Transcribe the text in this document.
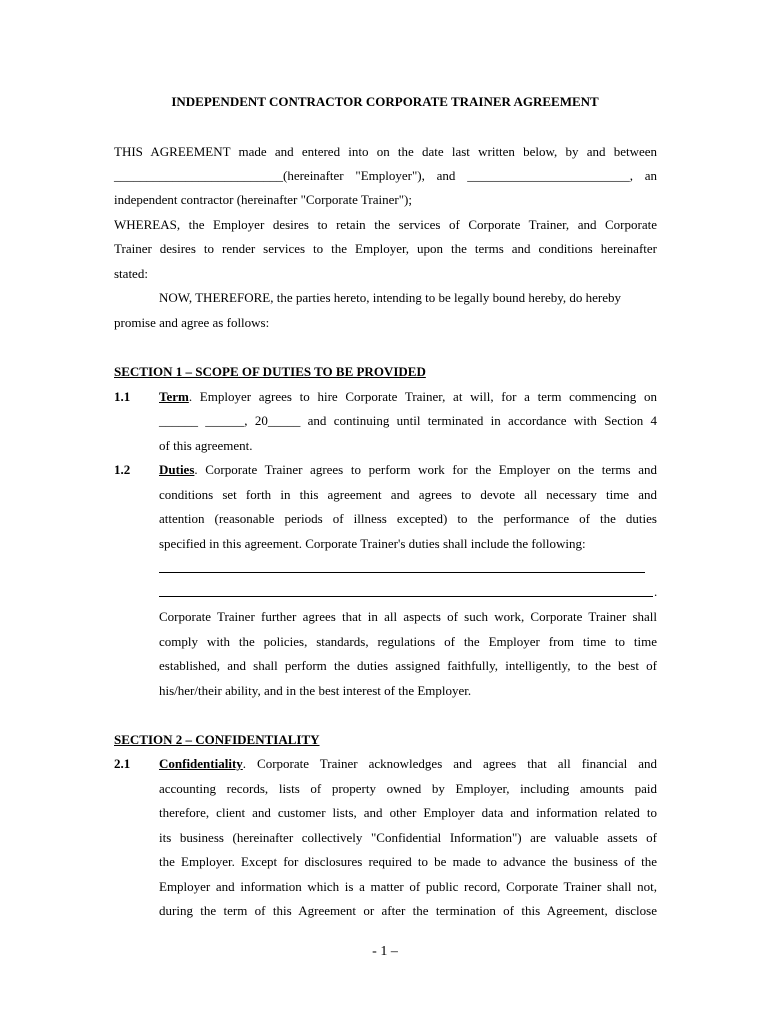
INDEPENDENT CONTRACTOR CORPORATE TRAINER AGREEMENT
THIS AGREEMENT made and entered into on the date last written below, by and between
__________________________(hereinafter "Employer"), and _________________________, an
independent contractor (hereinafter "Corporate Trainer");
WHEREAS, the Employer desires to retain the services of Corporate Trainer, and Corporate
Trainer desires to render services to the Employer, upon the terms and conditions hereinafter
stated:
NOW, THEREFORE, the parties hereto, intending to be legally bound hereby, do hereby
promise and agree as follows:
SECTION 1 – SCOPE OF DUTIES TO BE PROVIDED
1.1 Term. Employer agrees to hire Corporate Trainer, at will, for a term commencing on
______ ______, 20_____ and continuing until terminated in accordance with Section 4
of this agreement.
1.2 Duties. Corporate Trainer agrees to perform work for the Employer on the terms and
conditions set forth in this agreement and agrees to devote all necessary time and
attention (reasonable periods of illness excepted) to the performance of the duties
specified in this agreement. Corporate Trainer's duties shall include the following:
.
Corporate Trainer further agrees that in all aspects of such work, Corporate Trainer shall
comply with the policies, standards, regulations of the Employer from time to time
established, and shall perform the duties assigned faithfully, intelligently, to the best of
his/her/their ability, and in the best interest of the Employer.
SECTION 2 – CONFIDENTIALITY
2.1 Confidentiality. Corporate Trainer acknowledges and agrees that all financial and
accounting records, lists of property owned by Employer, including amounts paid
therefore, client and customer lists, and other Employer data and information related to
its business (hereinafter collectively "Confidential Information") are valuable assets of
the Employer. Except for disclosures required to be made to advance the business of the
Employer and information which is a matter of public record, Corporate Trainer shall not,
during the term of this Agreement or after the termination of this Agreement, disclose
- 1 –
